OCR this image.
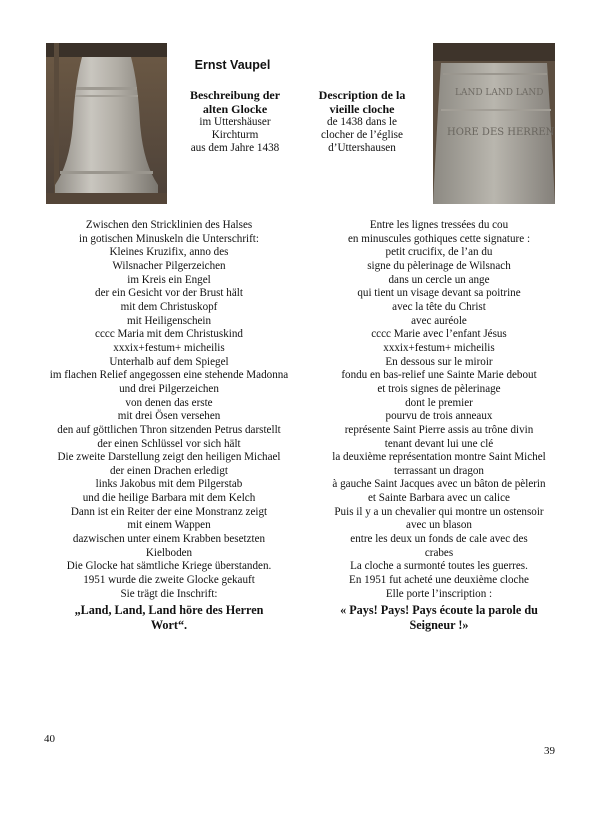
LAND LAND LAND
HORE DES HERREN
Ernst Vaupel
Beschreibung der
alten Glocke
im Uttershäuser
Kirchturm
aus dem Jahre 1438
Description de la
vieille cloche
de 1438 dans le
clocher de l’église
d’Uttershausen
Zwischen den Stricklinien des Halses
in gotischen Minuskeln die Unterschrift:
Kleines Kruzifix, anno des
Wilsnacher Pilgerzeichen
im Kreis ein Engel
der ein Gesicht vor der Brust hält
mit dem Christuskopf
mit Heiligenschein
cccc Maria mit dem Christuskind
xxxix+festum+ micheilis
Unterhalb auf dem Spiegel
im flachen Relief angegossen eine stehende Madonna
und drei Pilgerzeichen
von denen das erste
mit drei Ösen versehen
den auf göttlichen Thron sitzenden Petrus darstellt
der einen Schlüssel vor sich hält
Die zweite Darstellung zeigt den heiligen Michael
der einen Drachen erledigt
links Jakobus mit dem Pilgerstab
und die heilige Barbara mit dem Kelch
Dann ist ein Reiter der eine Monstranz zeigt
mit einem Wappen
dazwischen unter einem Krabben besetzten
Kielboden
Die Glocke hat sämtliche Kriege überstanden.
1951 wurde die zweite Glocke gekauft
Sie trägt die Inschrift:
„Land, Land, Land höre des Herren
Wort“.
Entre les lignes tressées du cou
en minuscules gothiques cette signature :
petit crucifix, de l’an du
signe du pèlerinage de Wilsnach
dans un cercle un ange
qui tient un visage devant sa poitrine
avec la tête du Christ
avec auréole
cccc Marie avec l’enfant Jésus
xxxix+festum+ micheilis
En dessous sur le miroir
fondu en bas-relief une Sainte Marie debout
et trois signes de pèlerinage
dont le premier
pourvu de trois anneaux
représente Saint Pierre assis au trône divin
tenant devant lui une clé
la deuxième représentation montre Saint Michel
terrassant un dragon
à gauche Saint Jacques avec un bâton de pèlerin
et Sainte Barbara avec un calice
Puis il y a un chevalier qui montre un ostensoir
avec un blason
entre les deux un fonds de cale avec des
crabes
La cloche a surmonté toutes les guerres.
En 1951 fut acheté une deuxième cloche
Elle porte l’inscription :
« Pays! Pays! Pays écoute la parole du
Seigneur !»
40
39
